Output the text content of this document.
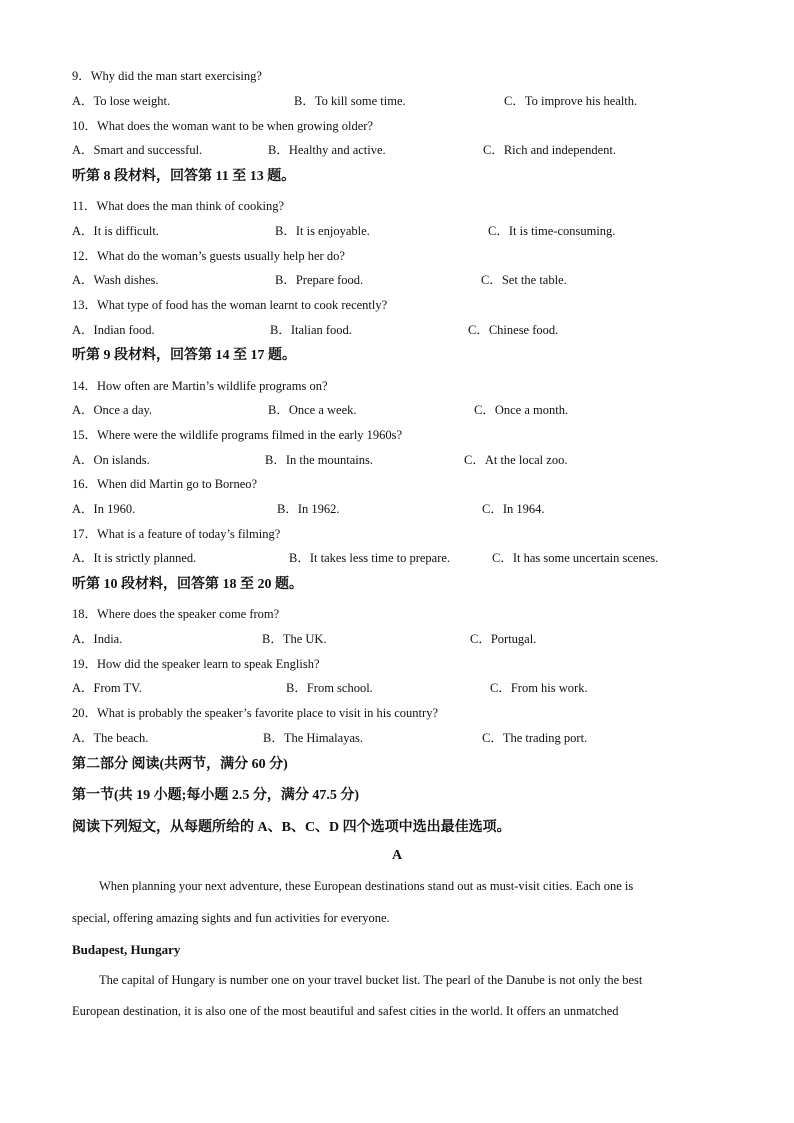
9．Why did the man start exercising?
A．To lose weight.	B．To kill some time.	C．To improve his health.
10．What does the woman want to be when growing older?
A．Smart and successful.	B．Healthy and active.	C．Rich and independent.
听第 8 段材料，回答第 11 至 13 题。
11．What does the man think of cooking?
A．It is difficult.	B．It is enjoyable.	C．It is time-consuming.
12．What do the woman’s guests usually help her do?
A．Wash dishes.	B．Prepare food.	C．Set the table.
13．What type of food has the woman learnt to cook recently?
A．Indian food.	B．Italian food.	C．Chinese food.
听第 9 段材料，回答第 14 至 17 题。
14．How often are Martin’s wildlife programs on?
A．Once a day.	B．Once a week.	C．Once a month.
15．Where were the wildlife programs filmed in the early 1960s?
A．On islands.	B．In the mountains.	C．At the local zoo.
16．When did Martin go to Borneo?
A．In 1960.	B．In 1962.	C．In 1964.
17．What is a feature of today’s filming?
A．It is strictly planned.	B．It takes less time to prepare.	C．It has some uncertain scenes.
听第 10 段材料，回答第 18 至 20 题。
18．Where does the speaker come from?
A．India.	B．The UK.	C．Portugal.
19．How did the speaker learn to speak English?
A．From TV.	B．From school.	C．From his work.
20．What is probably the speaker’s favorite place to visit in his country?
A．The beach.	B．The Himalayas.	C．The trading port.
第二部分 阅读(共两节，满分 60 分)
第一节(共 19 小题;每小题 2.5 分，满分 47.5 分)
阅读下列短文，从每题所给的 A、B、C、D 四个选项中选出最佳选项。
A
When planning your next adventure, these European destinations stand out as must-visit cities. Each one is
special, offering amazing sights and fun activities for everyone.
Budapest, Hungary
The capital of Hungary is number one on your travel bucket list. The pearl of the Danube is not only the best
European destination, it is also one of the most beautiful and safest cities in the world. It offers an unmatched
